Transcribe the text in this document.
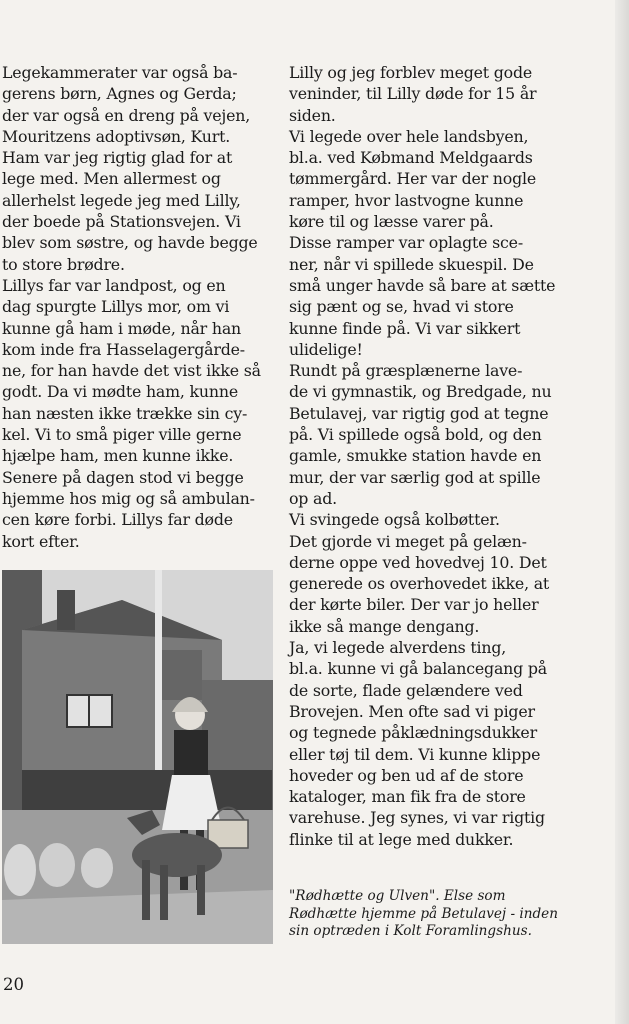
Legekammerater var også ba-
gerens børn, Agnes og Gerda;
der var også en dreng på vejen,
Mouritzens adoptivsøn, Kurt.
Ham var jeg rigtig glad for at
lege med. Men allermest og
allerhelst legede jeg med Lilly,
der boede på Stationsvejen. Vi
blev som søstre, og havde begge
to store brødre.

Lillys far var landpost, og en
dag spurgte Lillys mor, om vi
kunne gå ham i møde, når han
kom inde fra Hasselagergårde-
ne, for han havde det vist ikke så
godt. Da vi mødte ham, kunne
han næsten ikke trække sin cy-
kel. Vi to små piger ville gerne
hjælpe ham, men kunne ikke.
Senere på dagen stod vi begge
hjemme hos mig og så ambulan-
cen køre forbi. Lillys far døde
kort efter.

Lilly og jeg forblev meget gode
veninder, til Lilly døde for 15 år
siden.

Vi legede over hele landsbyen,
bl.a. ved Købmand Meldgaards
tømmergård. Her var der nogle
ramper, hvor lastvogne kunne
køre til og læsse varer på.

Disse ramper var oplagte sce-
ner, når vi spillede skuespil. De
små unger havde så bare at sætte
sig pænt og se, hvad vi store
kunne finde på. Vi var sikkert
ulidelige!

Rundt på græsplænerne lave-
de vi gymnastik, og Bredgade, nu
Betulavej, var rigtig god at tegne
på. Vi spillede også bold, og den
gamle, smukke station havde en
mur, der var særlig god at spille
op ad.

Vi svingede også kolbøtter.
Det gjorde vi meget på gelæn-
derne oppe ved hovedvej 10. Det
generede os overhovedet ikke, at
der kørte biler. Der var jo heller
ikke så mange dengang.

Ja, vi legede alverdens ting,
bl.a. kunne vi gå balancegang på
de sorte, flade gelændere ved
Brovejen. Men ofte sad vi piger
og tegnede påklædningsdukker
eller tøj til dem. Vi kunne klippe
hoveder og ben ud af de store
kataloger, man fik fra de store
varehuse. Jeg synes, vi var rigtig
flinke til at lege med dukker.

"Rødhætte og Ulven". Else som
Rødhætte hjemme på Betulavej - inden
sin optræden i Kolt Foramlingshus.
20
